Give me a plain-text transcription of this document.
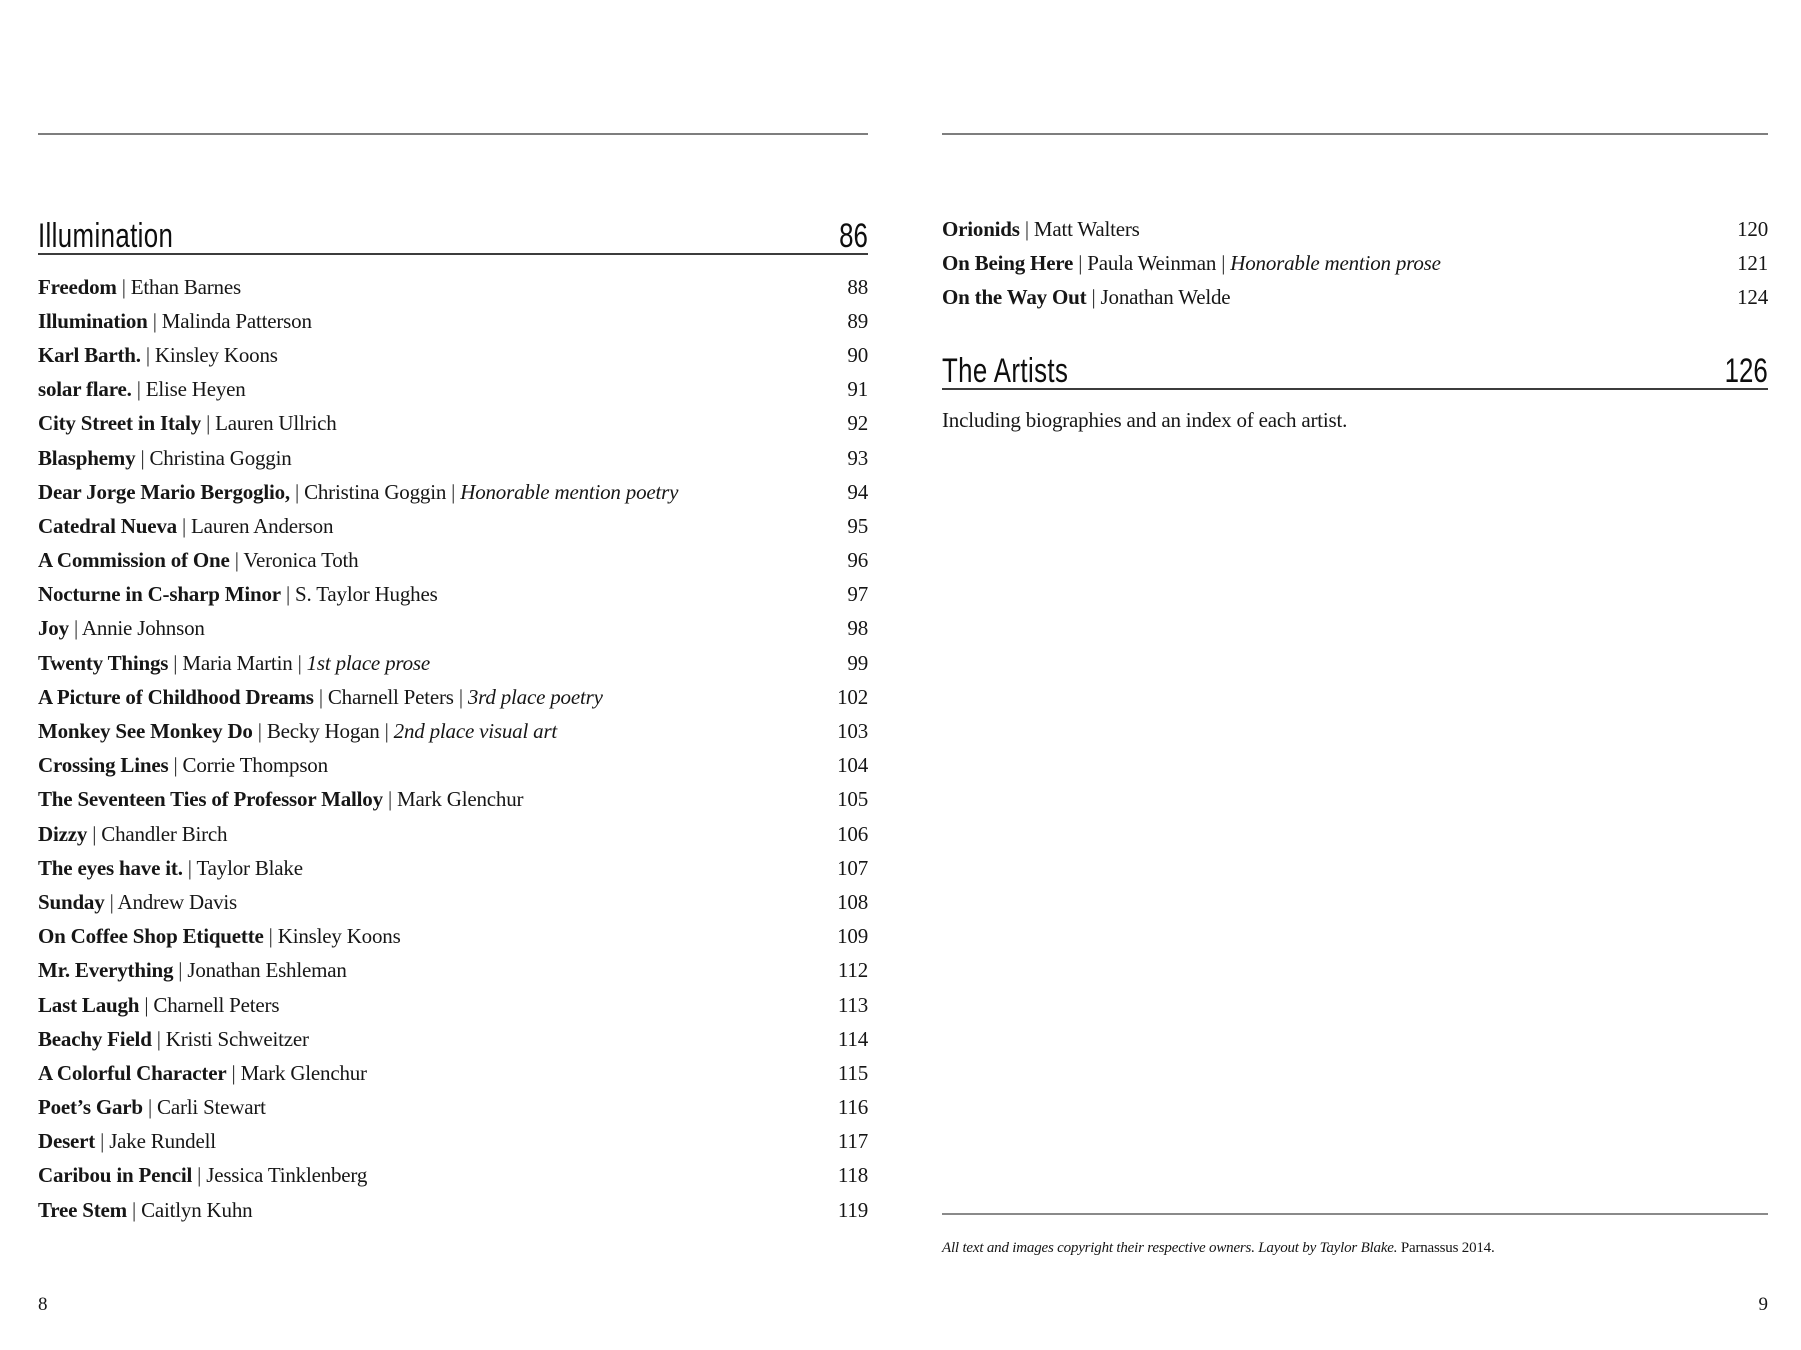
Illumination	86
Freedom | Ethan Barnes	88
Illumination | Malinda Patterson	89
Karl Barth. | Kinsley Koons	90
solar flare. | Elise Heyen	91
City Street in Italy | Lauren Ullrich	92
Blasphemy | Christina Goggin	93
Dear Jorge Mario Bergoglio, | Christina Goggin | Honorable mention poetry	94
Catedral Nueva | Lauren Anderson	95
A Commission of One | Veronica Toth	96
Nocturne in C-sharp Minor | S. Taylor Hughes	97
Joy | Annie Johnson	98
Twenty Things | Maria Martin | 1st place prose	99
A Picture of Childhood Dreams | Charnell Peters | 3rd place poetry	102
Monkey See Monkey Do | Becky Hogan | 2nd place visual art	103
Crossing Lines | Corrie Thompson	104
The Seventeen Ties of Professor Malloy | Mark Glenchur	105
Dizzy | Chandler Birch	106
The eyes have it. | Taylor Blake	107
Sunday | Andrew Davis	108
On Coffee Shop Etiquette | Kinsley Koons	109
Mr. Everything | Jonathan Eshleman	112
Last Laugh | Charnell Peters	113
Beachy Field | Kristi Schweitzer	114
A Colorful Character | Mark Glenchur	115
Poet’s Garb | Carli Stewart	116
Desert | Jake Rundell	117
Caribou in Pencil | Jessica Tinklenberg	118
Tree Stem | Caitlyn Kuhn	119
8
Orionids | Matt Walters	120
On Being Here | Paula Weinman | Honorable mention prose	121
On the Way Out | Jonathan Welde	124
The Artists	126
Including biographies and an index of each artist.
All text and images copyright their respective owners. Layout by Taylor Blake. Parnassus 2014.
9
